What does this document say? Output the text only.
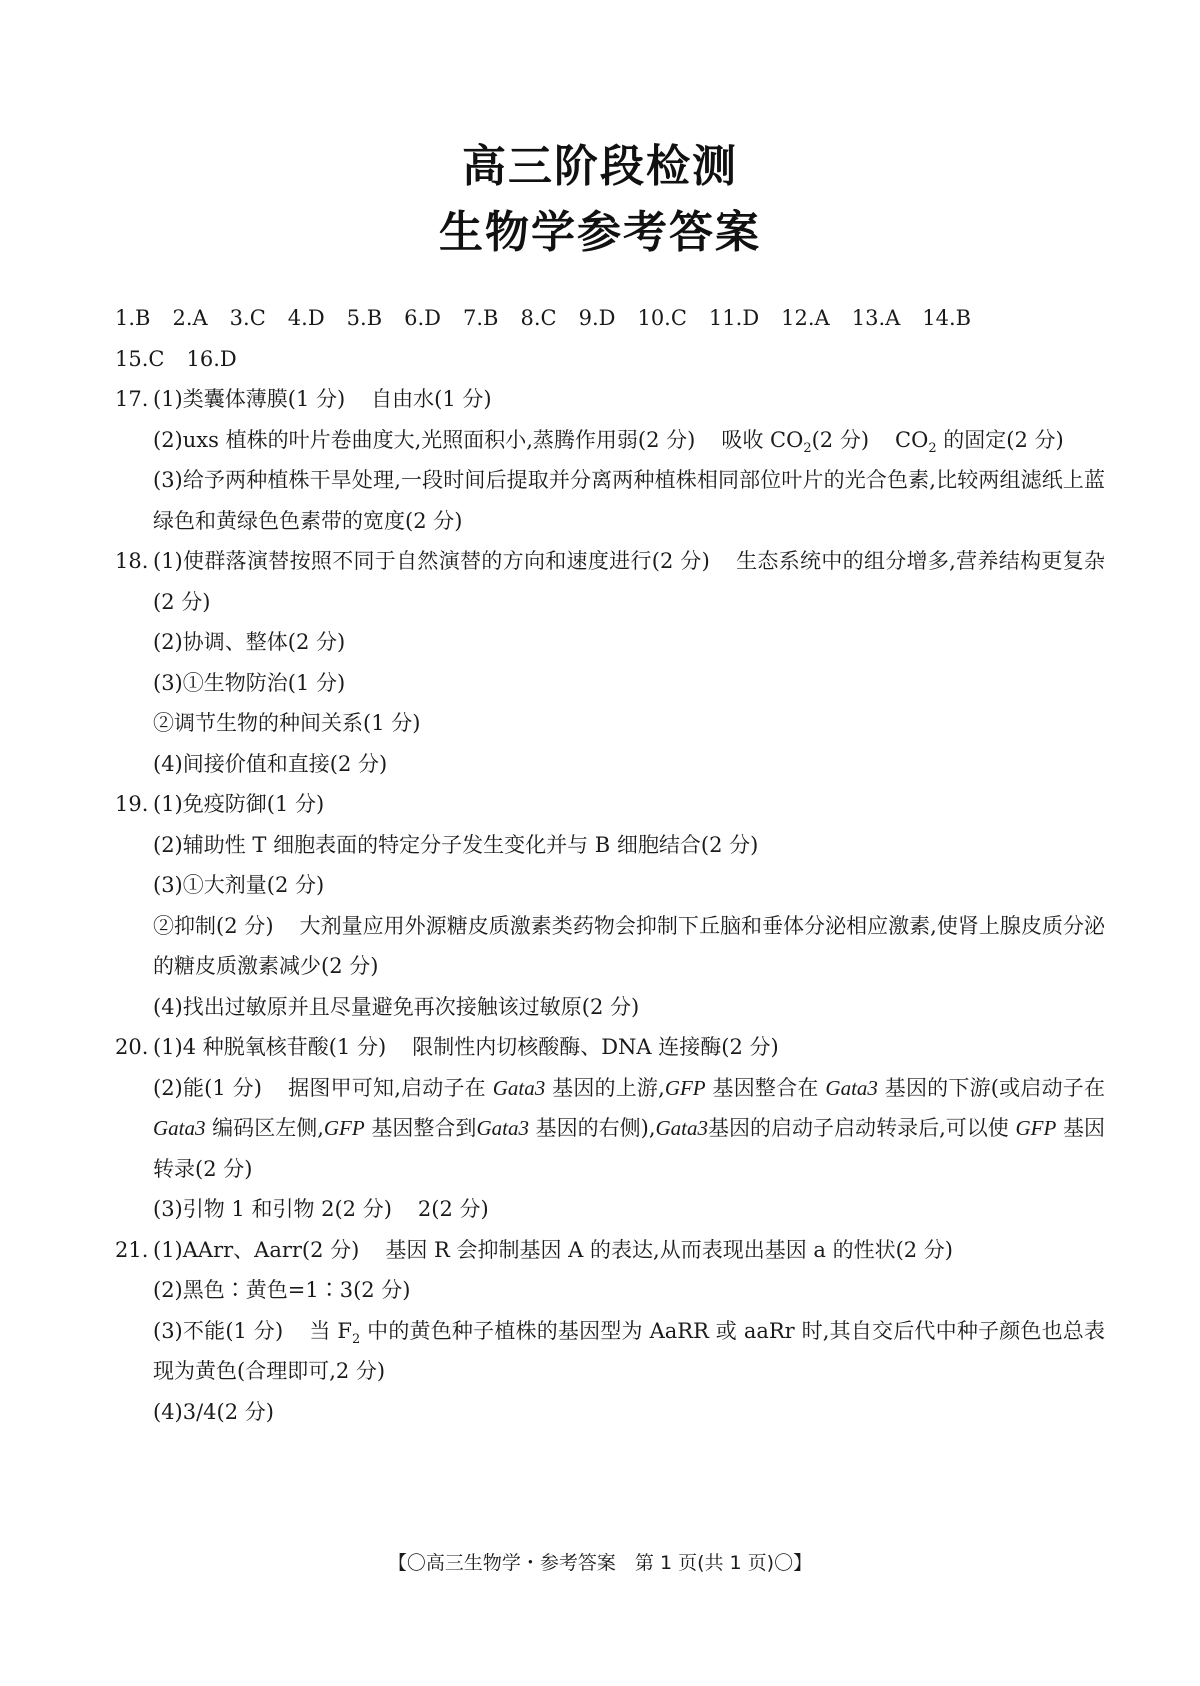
高三阶段检测
生物学参考答案
1.B 2.A 3.C 4.D 5.B 6.D 7.B 8.C 9.D 10.C 11.D 12.A 13.A 14.B
15.C 16.D
17. (1)类囊体薄膜(1 分) 自由水(1 分)
(2)uxs 植株的叶片卷曲度大,光照面积小,蒸腾作用弱(2 分) 吸收 $CO_2(2$ 分) $CO_2$ 的固定(2 分)
(3)给予两种植株干旱处理,一段时间后提取并分离两种植株相同部位叶片的光合色素,比较两组滤纸上蓝绿色和黄绿色色素带的宽度(2 分)
18. (1)使群落演替按照不同于自然演替的方向和速度进行(2 分) 生态系统中的组分增多,营养结构更复杂(2 分)
(2)协调、整体(2 分)
(3)①生物防治(1 分)
②调节生物的种间关系(1 分)
(4)间接价值和直接(2 分)
19. (1)免疫防御(1 分)
(2)辅助性 T 细胞表面的特定分子发生变化并与 B 细胞结合(2 分)
(3)①大剂量(2 分)
②抑制(2 分) 大剂量应用外源糖皮质激素类药物会抑制下丘脑和垂体分泌相应激素,使肾上腺皮质分泌的糖皮质激素减少(2 分)
(4)找出过敏原并且尽量避免再次接触该过敏原(2 分)
20. (1)4 种脱氧核苷酸(1 分) 限制性内切核酸酶、DNA 连接酶(2 分)
(2)能(1 分) 据图甲可知,启动子在 Gata3 基因的上游,GFP 基因整合在 Gata3 基因的下游(或启动子在 Gata3 编码区左侧,GFP 基因整合到Gata3 基因的右侧),Gata3基因的启动子启动转录后,可以使 GFP 基因转录(2 分)
(3)引物 1 和引物 2(2 分) 2(2 分)
21. (1)AArr、Aarr(2 分) 基因 R 会抑制基因 A 的表达,从而表现出基因 a 的性状(2 分)
(2)黑色∶黄色=1∶3(2 分)
(3)不能(1 分) 当 $F_2$ 中的黄色种子植株的基因型为 AaRR 或 aaRr 时,其自交后代中种子颜色也总表现为黄色(合理即可,2 分)
(4)3/4(2 分)
【〇高三生物学・参考答案　第 1 页(共 1 页)〇】
